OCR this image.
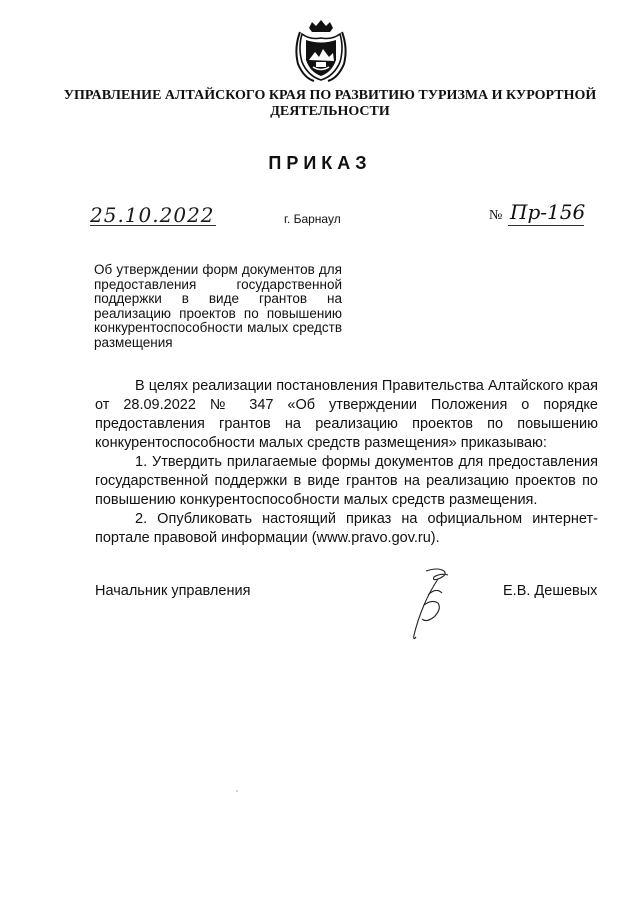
УПРАВЛЕНИЕ АЛТАЙСКОГО КРАЯ ПО РАЗВИТИЮ ТУРИЗМА И КУРОРТНОЙ ДЕЯТЕЛЬНОСТИ
ПРИКАЗ
25.10.2022	г. Барнаул	№ Пр-156
Об утверждении форм документов для предоставления государственной поддержки в виде грантов на реализацию проектов по повышению конкурентоспособности малых средств размещения

В целях реализации постановления Правительства Алтайского края от 28.09.2022 № 347 «Об утверждении Положения о порядке предоставления грантов на реализацию проектов по повышению конкурентоспособности малых средств размещения» приказываю:

1. Утвердить прилагаемые формы документов для предоставления государственной поддержки в виде грантов на реализацию проектов по повышению конкурентоспособности малых средств размещения.

2. Опубликовать настоящий приказ на официальном интернет-портале правовой информации (www.pravo.gov.ru).

Начальник управления	Е.В. Дешевых
